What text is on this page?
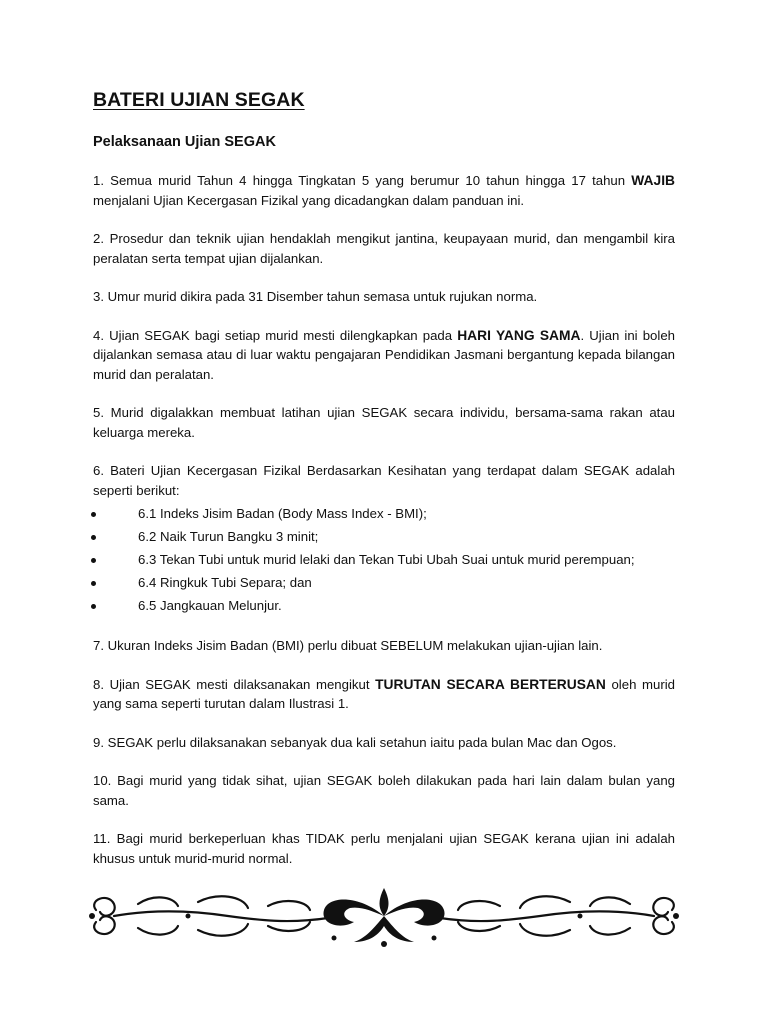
BATERI UJIAN SEGAK
Pelaksanaan Ujian SEGAK

1. Semua murid Tahun 4 hingga Tingkatan 5 yang berumur 10 tahun hingga 17 tahun WAJIB menjalani Ujian Kecergasan Fizikal yang dicadangkan dalam panduan ini.

2. Prosedur dan teknik ujian hendaklah mengikut jantina, keupayaan murid, dan mengambil kira peralatan serta tempat ujian dijalankan.

3. Umur murid dikira pada 31 Disember tahun semasa untuk rujukan norma.

4. Ujian SEGAK bagi setiap murid mesti dilengkapkan pada HARI YANG SAMA. Ujian ini boleh dijalankan semasa atau di luar waktu pengajaran Pendidikan Jasmani bergantung kepada bilangan murid dan peralatan.

5. Murid digalakkan membuat latihan ujian SEGAK secara individu, bersama-sama rakan atau keluarga mereka.

6. Bateri Ujian Kecergasan Fizikal Berdasarkan Kesihatan yang terdapat dalam SEGAK adalah seperti berikut:

6.1 Indeks Jisim Badan (Body Mass Index - BMI);
6.2 Naik Turun Bangku 3 minit;
6.3 Tekan Tubi untuk murid lelaki dan Tekan Tubi Ubah Suai untuk murid perempuan;
6.4 Ringkuk Tubi Separa; dan
6.5 Jangkauan Melunjur.

7. Ukuran Indeks Jisim Badan (BMI) perlu dibuat SEBELUM melakukan ujian-ujian lain.

8. Ujian SEGAK mesti dilaksanakan mengikut TURUTAN SECARA BERTERUSAN oleh murid yang sama seperti turutan dalam Ilustrasi 1.

9. SEGAK perlu dilaksanakan sebanyak dua kali setahun iaitu pada bulan Mac dan Ogos.

10. Bagi murid yang tidak sihat, ujian SEGAK boleh dilakukan pada hari lain dalam bulan yang sama.

11. Bagi murid berkeperluan khas TIDAK perlu menjalani ujian SEGAK kerana ujian ini adalah khusus untuk murid-murid normal.
